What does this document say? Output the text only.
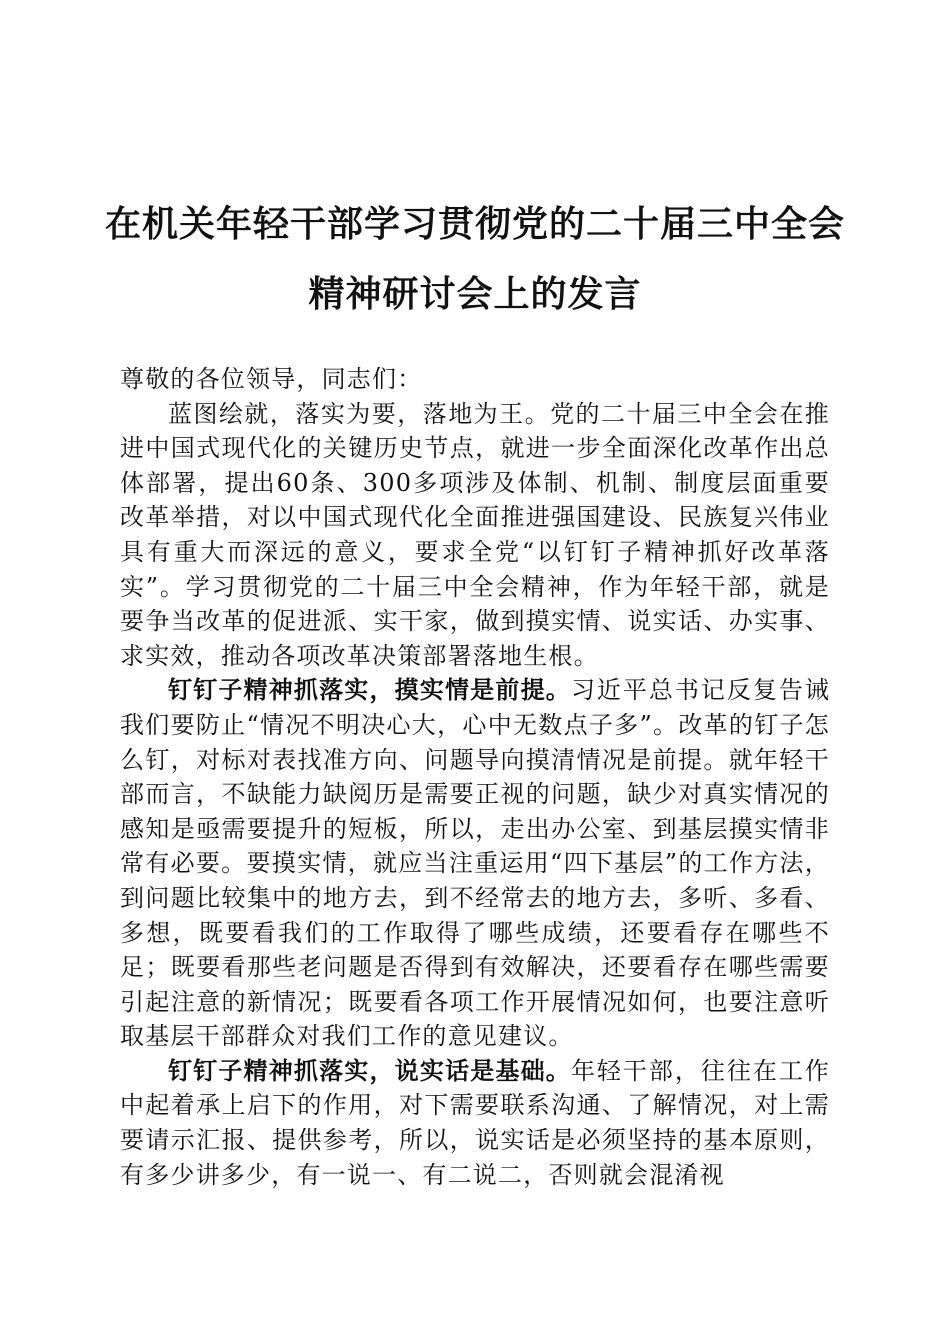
在机关年轻干部学习贯彻党的二十届三中全会
精神研讨会上的发言

尊敬的各位领导，同志们：

蓝图绘就，落实为要，落地为王。党的二十届三中全会在推进中国式现代化的关键历史节点，就进一步全面深化改革作出总体部署，提出60条、300多项涉及体制、机制、制度层面重要改革举措，对以中国式现代化全面推进强国建设、民族复兴伟业具有重大而深远的意义，要求全党“以钉钉子精神抓好改革落实”。学习贯彻党的二十届三中全会精神，作为年轻干部，就是要争当改革的促进派、实干家，做到摸实情、说实话、办实事、求实效，推动各项改革决策部署落地生根。

钉钉子精神抓落实，摸实情是前提。习近平总书记反复告诫我们要防止“情况不明决心大，心中无数点子多”。改革的钉子怎么钉，对标对表找准方向、问题导向摸清情况是前提。就年轻干部而言，不缺能力缺阅历是需要正视的问题，缺少对真实情况的感知是亟需要提升的短板，所以，走出办公室、到基层摸实情非常有必要。要摸实情，就应当注重运用“四下基层”的工作方法，到问题比较集中的地方去，到不经常去的地方去，多听、多看、多想，既要看我们的工作取得了哪些成绩，还要看存在哪些不足；既要看那些老问题是否得到有效解决，还要看存在哪些需要引起注意的新情况；既要看各项工作开展情况如何，也要注意听取基层干部群众对我们工作的意见建议。

钉钉子精神抓落实，说实话是基础。年轻干部，往往在工作中起着承上启下的作用，对下需要联系沟通、了解情况，对上需要请示汇报、提供参考，所以，说实话是必须坚持的基本原则，有多少讲多少，有一说一、有二说二，否则就会混淆视
